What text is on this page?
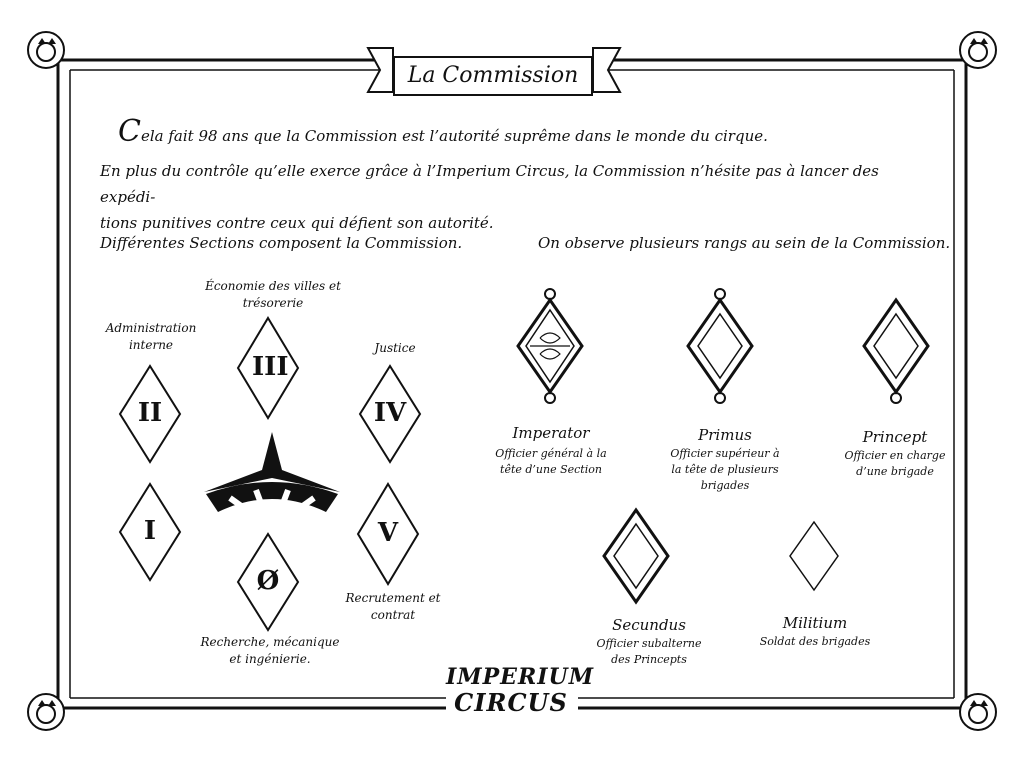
La Commission
Cela fait 98 ans que la Commission est l’autorité suprême dans le monde du cirque.
En plus du contrôle qu’elle exerce grâce à l’Imperium Circus, la Commission n’hésite pas à lancer des expédi-
tions punitives contre ceux qui défient son autorité.
Différentes Sections composent la Commission.	On observe plusieurs rangs au sein de la Commission.
III
II	IV
I	V
Ø
Économie des villes et
trésorerie
Administration
interne	Justice
Recrutement et
contrat
Recherche, mécanique
et ingénierie.
Imperator
Officier général à la
tête d’une Section
Primus
Officier supérieur à
la tête de plusieurs
brigades
Princept
Officier en charge
d’une brigade
Secundus
Officier subalterne
des Princepts
Militium
Soldat des brigades
IMPERIUM
CIRCUS
